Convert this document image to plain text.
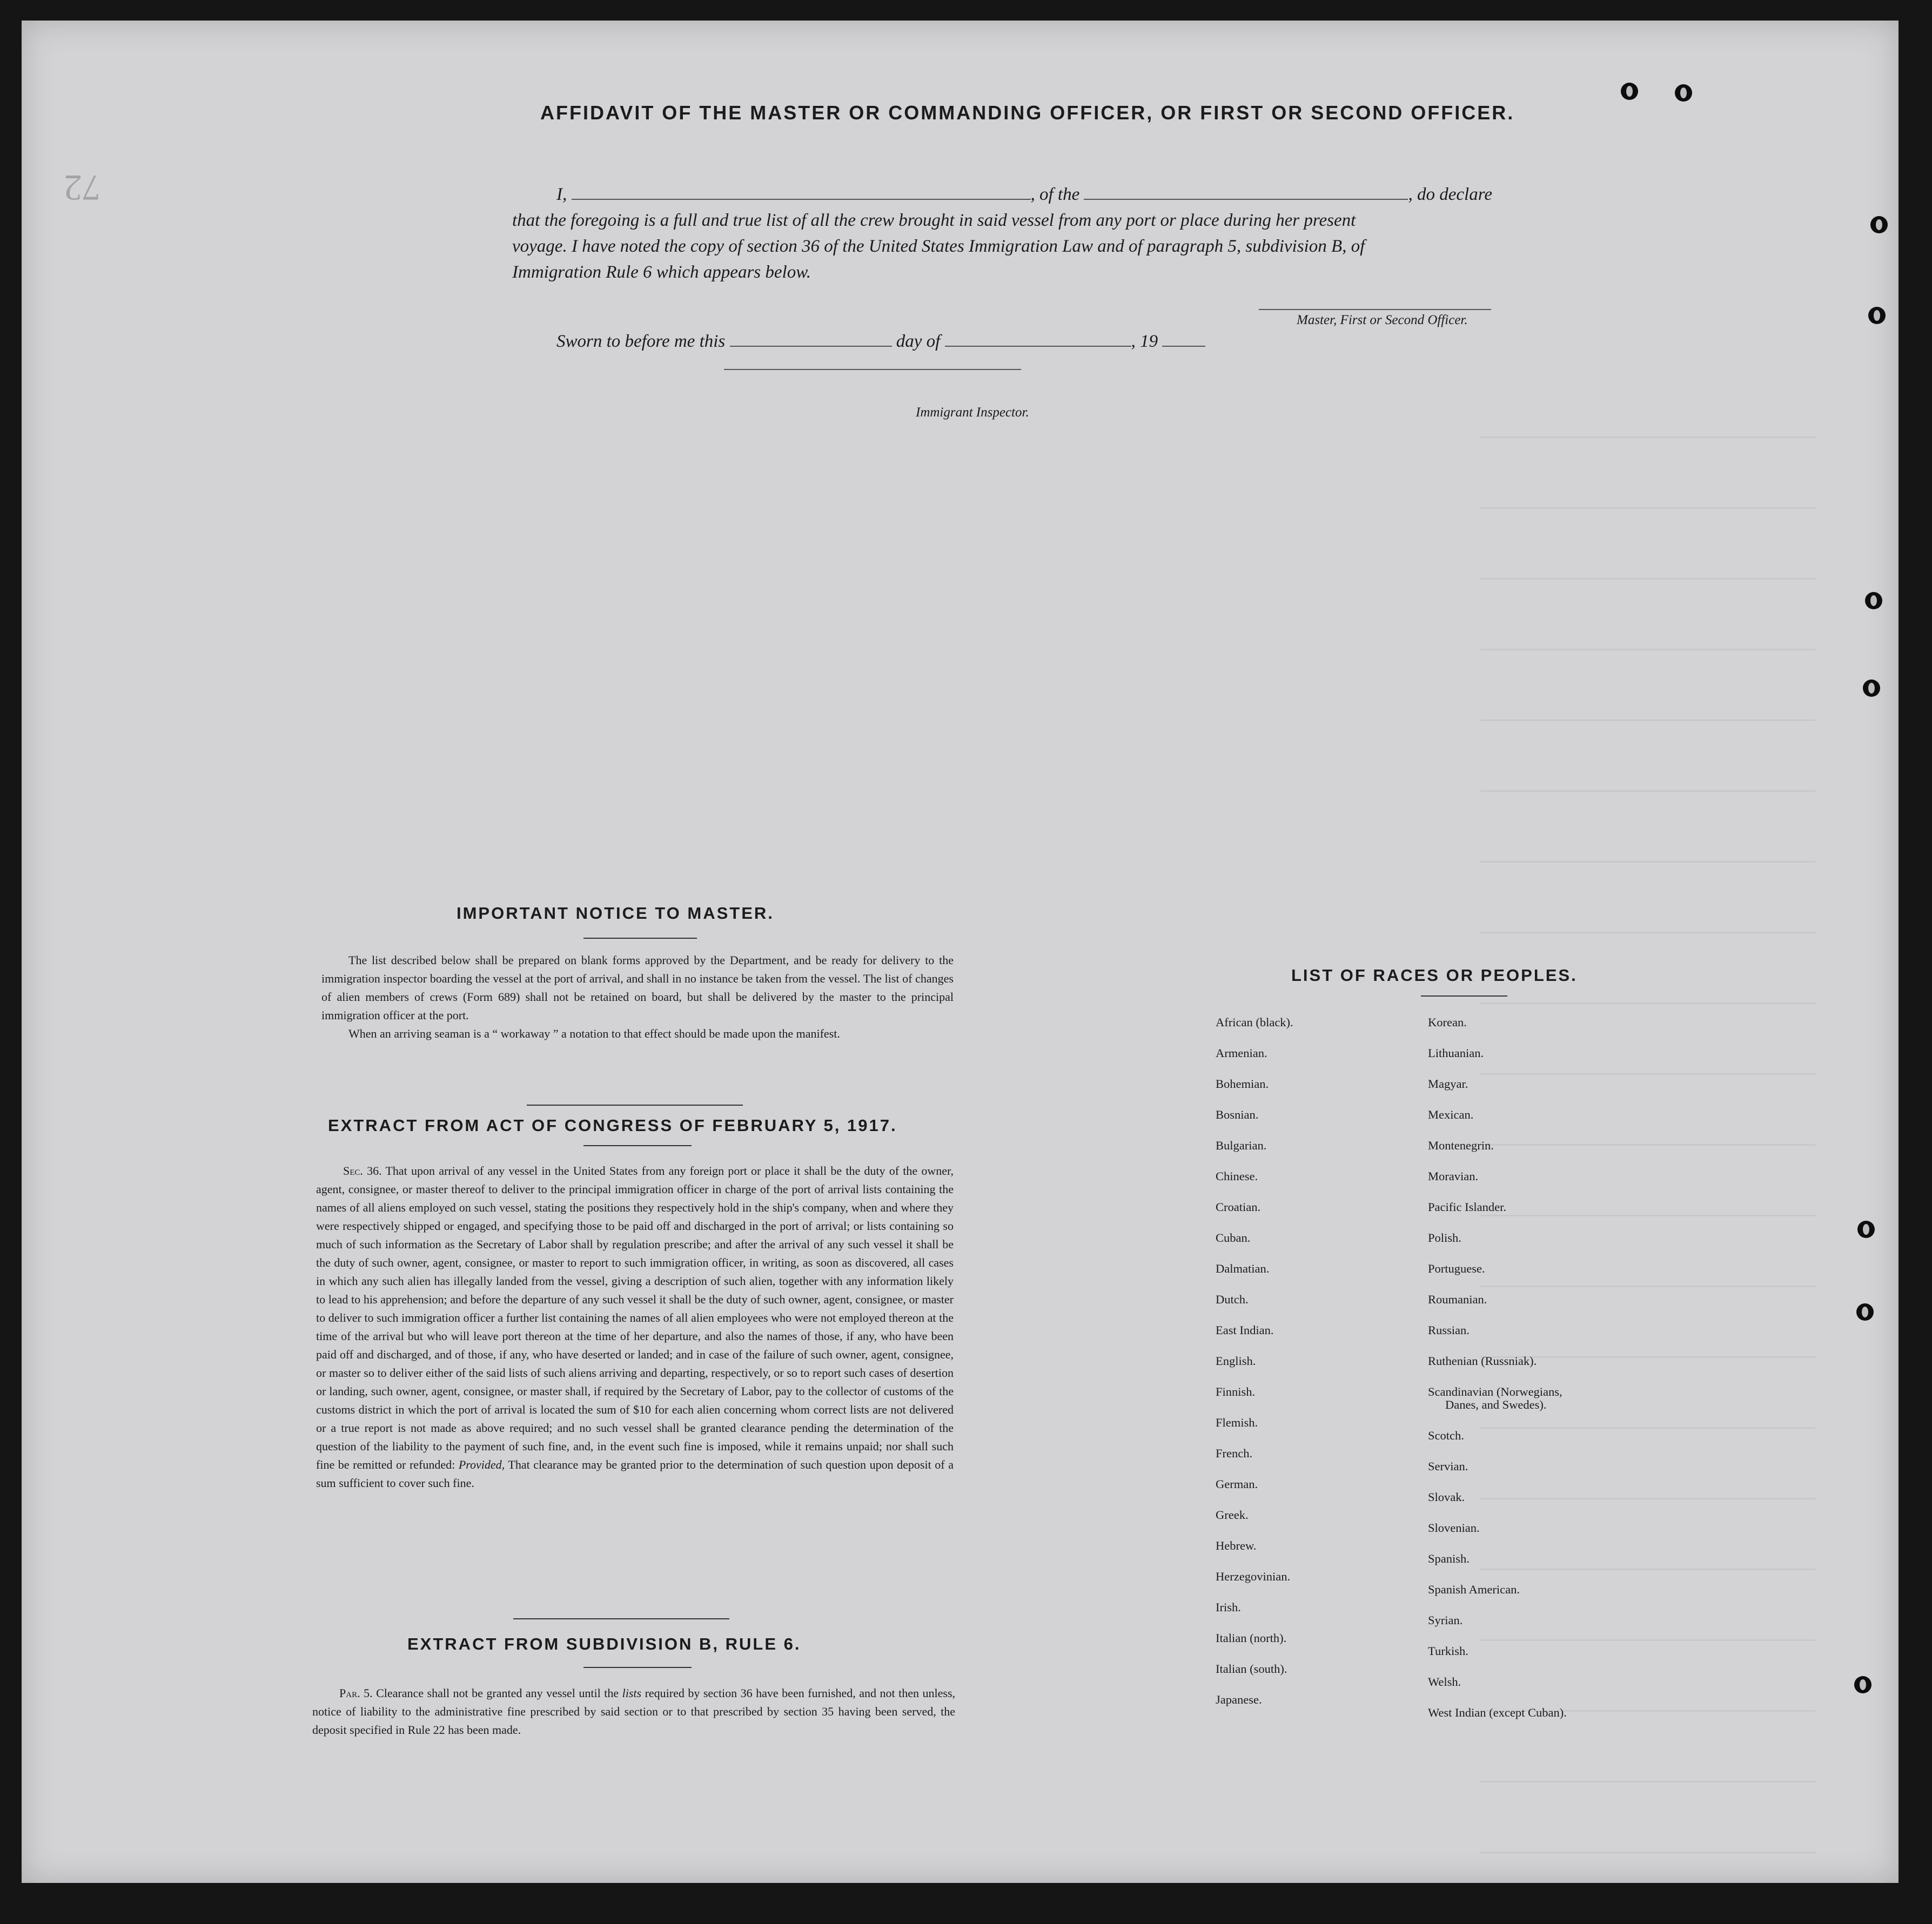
72
AFFIDAVIT OF THE MASTER OR COMMANDING OFFICER, OR FIRST OR SECOND OFFICER.
I,	, of the	, do declare
that the foregoing is a full and true list of all the crew brought in said vessel from any port or place during her present
voyage. I have noted the copy of section 36 of the United States Immigration Law and of paragraph 5, subdivision B, of
Immigration Rule 6 which appears below.
Master, First or Second Officer.
Sworn to before me this	day of	, 19
Immigrant Inspector.
IMPORTANT NOTICE TO MASTER.

The list described below shall be prepared on blank forms approved by the Department, and be ready for delivery to the immigration inspector boarding the vessel at the port of arrival, and shall in no instance be taken from the vessel. The list of changes of alien members of crews (Form 689) shall not be retained on board, but shall be delivered by the master to the principal immigration officer at the port.

When an arriving seaman is a “ workaway ” a notation to that effect should be made upon the manifest.

EXTRACT FROM ACT OF CONGRESS OF FEBRUARY 5, 1917.

Sec. 36. That upon arrival of any vessel in the United States from any foreign port or place it shall be the duty of the owner, agent, consignee, or master thereof to deliver to the principal immigration officer in charge of the port of arrival lists containing the names of all aliens employed on such vessel, stating the positions they respectively hold in the ship's company, when and where they were respectively shipped or engaged, and specifying those to be paid off and discharged in the port of arrival; or lists containing so much of such information as the Secretary of Labor shall by regulation prescribe; and after the arrival of any such vessel it shall be the duty of such owner, agent, consignee, or master to report to such immigration officer, in writing, as soon as discovered, all cases in which any such alien has illegally landed from the vessel, giving a description of such alien, together with any information likely to lead to his apprehension; and before the departure of any such vessel it shall be the duty of such owner, agent, consignee, or master to deliver to such immigration officer a further list containing the names of all alien employees who were not employed thereon at the time of the arrival but who will leave port thereon at the time of her departure, and also the names of those, if any, who have been paid off and discharged, and of those, if any, who have deserted or landed; and in case of the failure of such owner, agent, consignee, or master so to deliver either of the said lists of such aliens arriving and departing, respectively, or so to report such cases of desertion or landing, such owner, agent, consignee, or master shall, if required by the Secretary of Labor, pay to the collector of customs of the customs district in which the port of arrival is located the sum of $10 for each alien concerning whom correct lists are not delivered or a true report is not made as above required; and no such vessel shall be granted clearance pending the determination of the question of the liability to the payment of such fine, and, in the event such fine is imposed, while it remains unpaid; nor shall such fine be remitted or refunded: Provided, That clearance may be granted prior to the determination of such question upon deposit of a sum sufficient to cover such fine.

EXTRACT FROM SUBDIVISION B, RULE 6.

Par. 5. Clearance shall not be granted any vessel until the lists required by section 36 have been furnished, and not then unless, notice of liability to the administrative fine prescribed by said section or to that prescribed by section 35 having been served, the deposit specified in Rule 22 has been made.

LIST OF RACES OR PEOPLES.
African (black).
Armenian.
Bohemian.
Bosnian.
Bulgarian.
Chinese.
Croatian.
Cuban.
Dalmatian.
Dutch.
East Indian.
English.
Finnish.
Flemish.
French.
German.
Greek.
Hebrew.
Herzegovinian.
Irish.
Italian (north).
Italian (south).
Japanese.
Korean.
Lithuanian.
Magyar.
Mexican.
Montenegrin.
Moravian.
Pacific Islander.
Polish.
Portuguese.
Roumanian.
Russian.
Ruthenian (Russniak).
Scandinavian (Norwegians,
Danes, and Swedes).
Scotch.
Servian.
Slovak.
Slovenian.
Spanish.
Spanish American.
Syrian.
Turkish.
Welsh.
West Indian (except Cuban).
